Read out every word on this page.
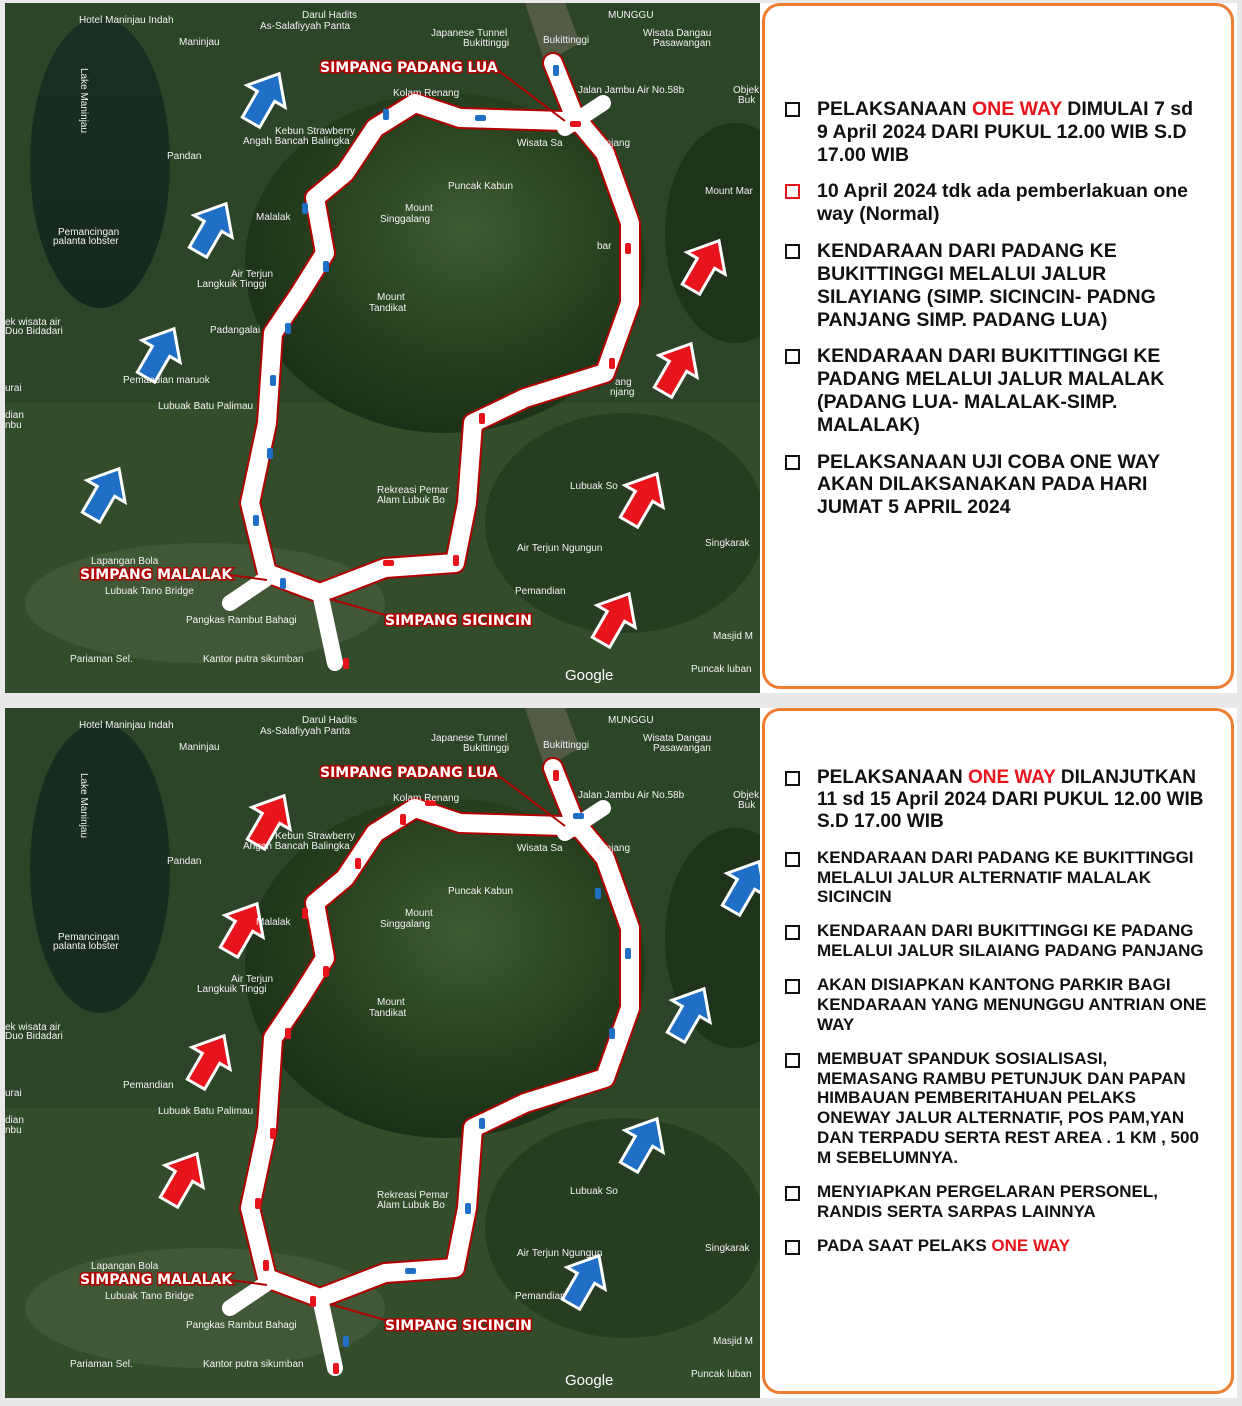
Hotel Maninjau Indah
Maninjau
Darul Hadits
As-Salafiyyah Panta
Japanese Tunnel
Bukittinggi	Bukittinggi
MUNGGU
Wisata Dangau
Pasawangan
Objek
Buk
Lake Maninjau	Jalan Jambu Air No.58b
Kolam Renang
Kebun Strawberry
Angah Bancah Balingka
Pandan
Wisata Sa	Janjang
Puncak Kabun	Mount Mar
Malalak
Mount
Singgalang
Pemancingan
palanta lobster
Air Terjun
Langkuik Tinggi
bar
Mount
Tandikat
ek wisata air
Duo Bidadari	Padangalai
Pemandian maruok
urai
Lubuak Batu Palimau
ang
njang
dian
nbu
Rekreasi Pemar
Alam Lubuk Bo
Lubuak So
Air Terjun Ngungun	Singkarak
Lapangan Bola
Lubuak Tano Bridge	Pemandian
Pangkas Rambut Bahagi
Masjid M
Pariaman Sel.	Kantor putra sikumban
Puncak luban
SIMPANG PADANG LUA
SIMPANG MALALAK
SIMPANG SICINCIN
Google
PELAKSANAAN ONE WAY DIMULAI 7 sd 9 April 2024 DARI PUKUL 12.00 WIB S.D 17.00 WIB
10 April 2024 tdk ada pemberlakuan one way (Normal)
KENDARAAN DARI PADANG KE BUKITTINGGI MELALUI JALUR SILAYIANG (SIMP. SICINCIN- PADNG PANJANG SIMP. PADANG LUA)
KENDARAAN DARI BUKITTINGGI KE PADANG MELALUI JALUR MALALAK (PADANG LUA- MALALAK-SIMP. MALALAK)
PELAKSANAAN UJI COBA ONE WAY AKAN DILAKSANAKAN PADA HARI JUMAT 5 APRIL 2024
Hotel Maninjau Indah
Maninjau
Darul Hadits
As-Salafiyyah Panta
Japanese Tunnel
Bukittinggi	Bukittinggi
MUNGGU
Wisata Dangau
Pasawangan
Objek
Buk
Lake Maninjau	Jalan Jambu Air No.58b
Kolam Renang
Kebun Strawberry
Angah Bancah Balingka
Pandan
Wisata Sa	Janjang
Puncak Kabun
Malalak
Mount
Singgalang
Pemancingan
palanta lobster
Air Terjun
Langkuik Tinggi
Mount
Tandikat
ek wisata air
Duo Bidadari
Pemandian
urai
Lubuak Batu Palimau
dian
nbu
Rekreasi Pemar
Alam Lubuk Bo
Lubuak So
Air Terjun Ngungun	Singkarak
Lapangan Bola
Lubuak Tano Bridge	Pemandian
Pangkas Rambut Bahagi
Masjid M
Pariaman Sel.	Kantor putra sikumban
Puncak luban
SIMPANG PADANG LUA
SIMPANG MALALAK
SIMPANG SICINCIN
Google
PELAKSANAAN ONE WAY DILANJUTKAN 11 sd 15 April 2024 DARI PUKUL 12.00 WIB S.D 17.00 WIB
KENDARAAN DARI PADANG KE BUKITTINGGI MELALUI JALUR ALTERNATIF MALALAK SICINCIN
KENDARAAN DARI BUKITTINGGI KE PADANG MELALUI JALUR SILAIANG PADANG PANJANG
AKAN DISIAPKAN KANTONG PARKIR BAGI KENDARAAN YANG MENUNGGU ANTRIAN ONE WAY
MEMBUAT SPANDUK SOSIALISASI, MEMASANG RAMBU PETUNJUK DAN PAPAN HIMBAUAN PEMBERITAHUAN PELAKS ONEWAY JALUR ALTERNATIF, POS PAM,YAN DAN TERPADU SERTA REST AREA . 1 KM , 500 M SEBELUMNYA.
MENYIAPKAN PERGELARAN PERSONEL, RANDIS SERTA SARPAS LAINNYA
PADA SAAT PELAKS ONE WAY
